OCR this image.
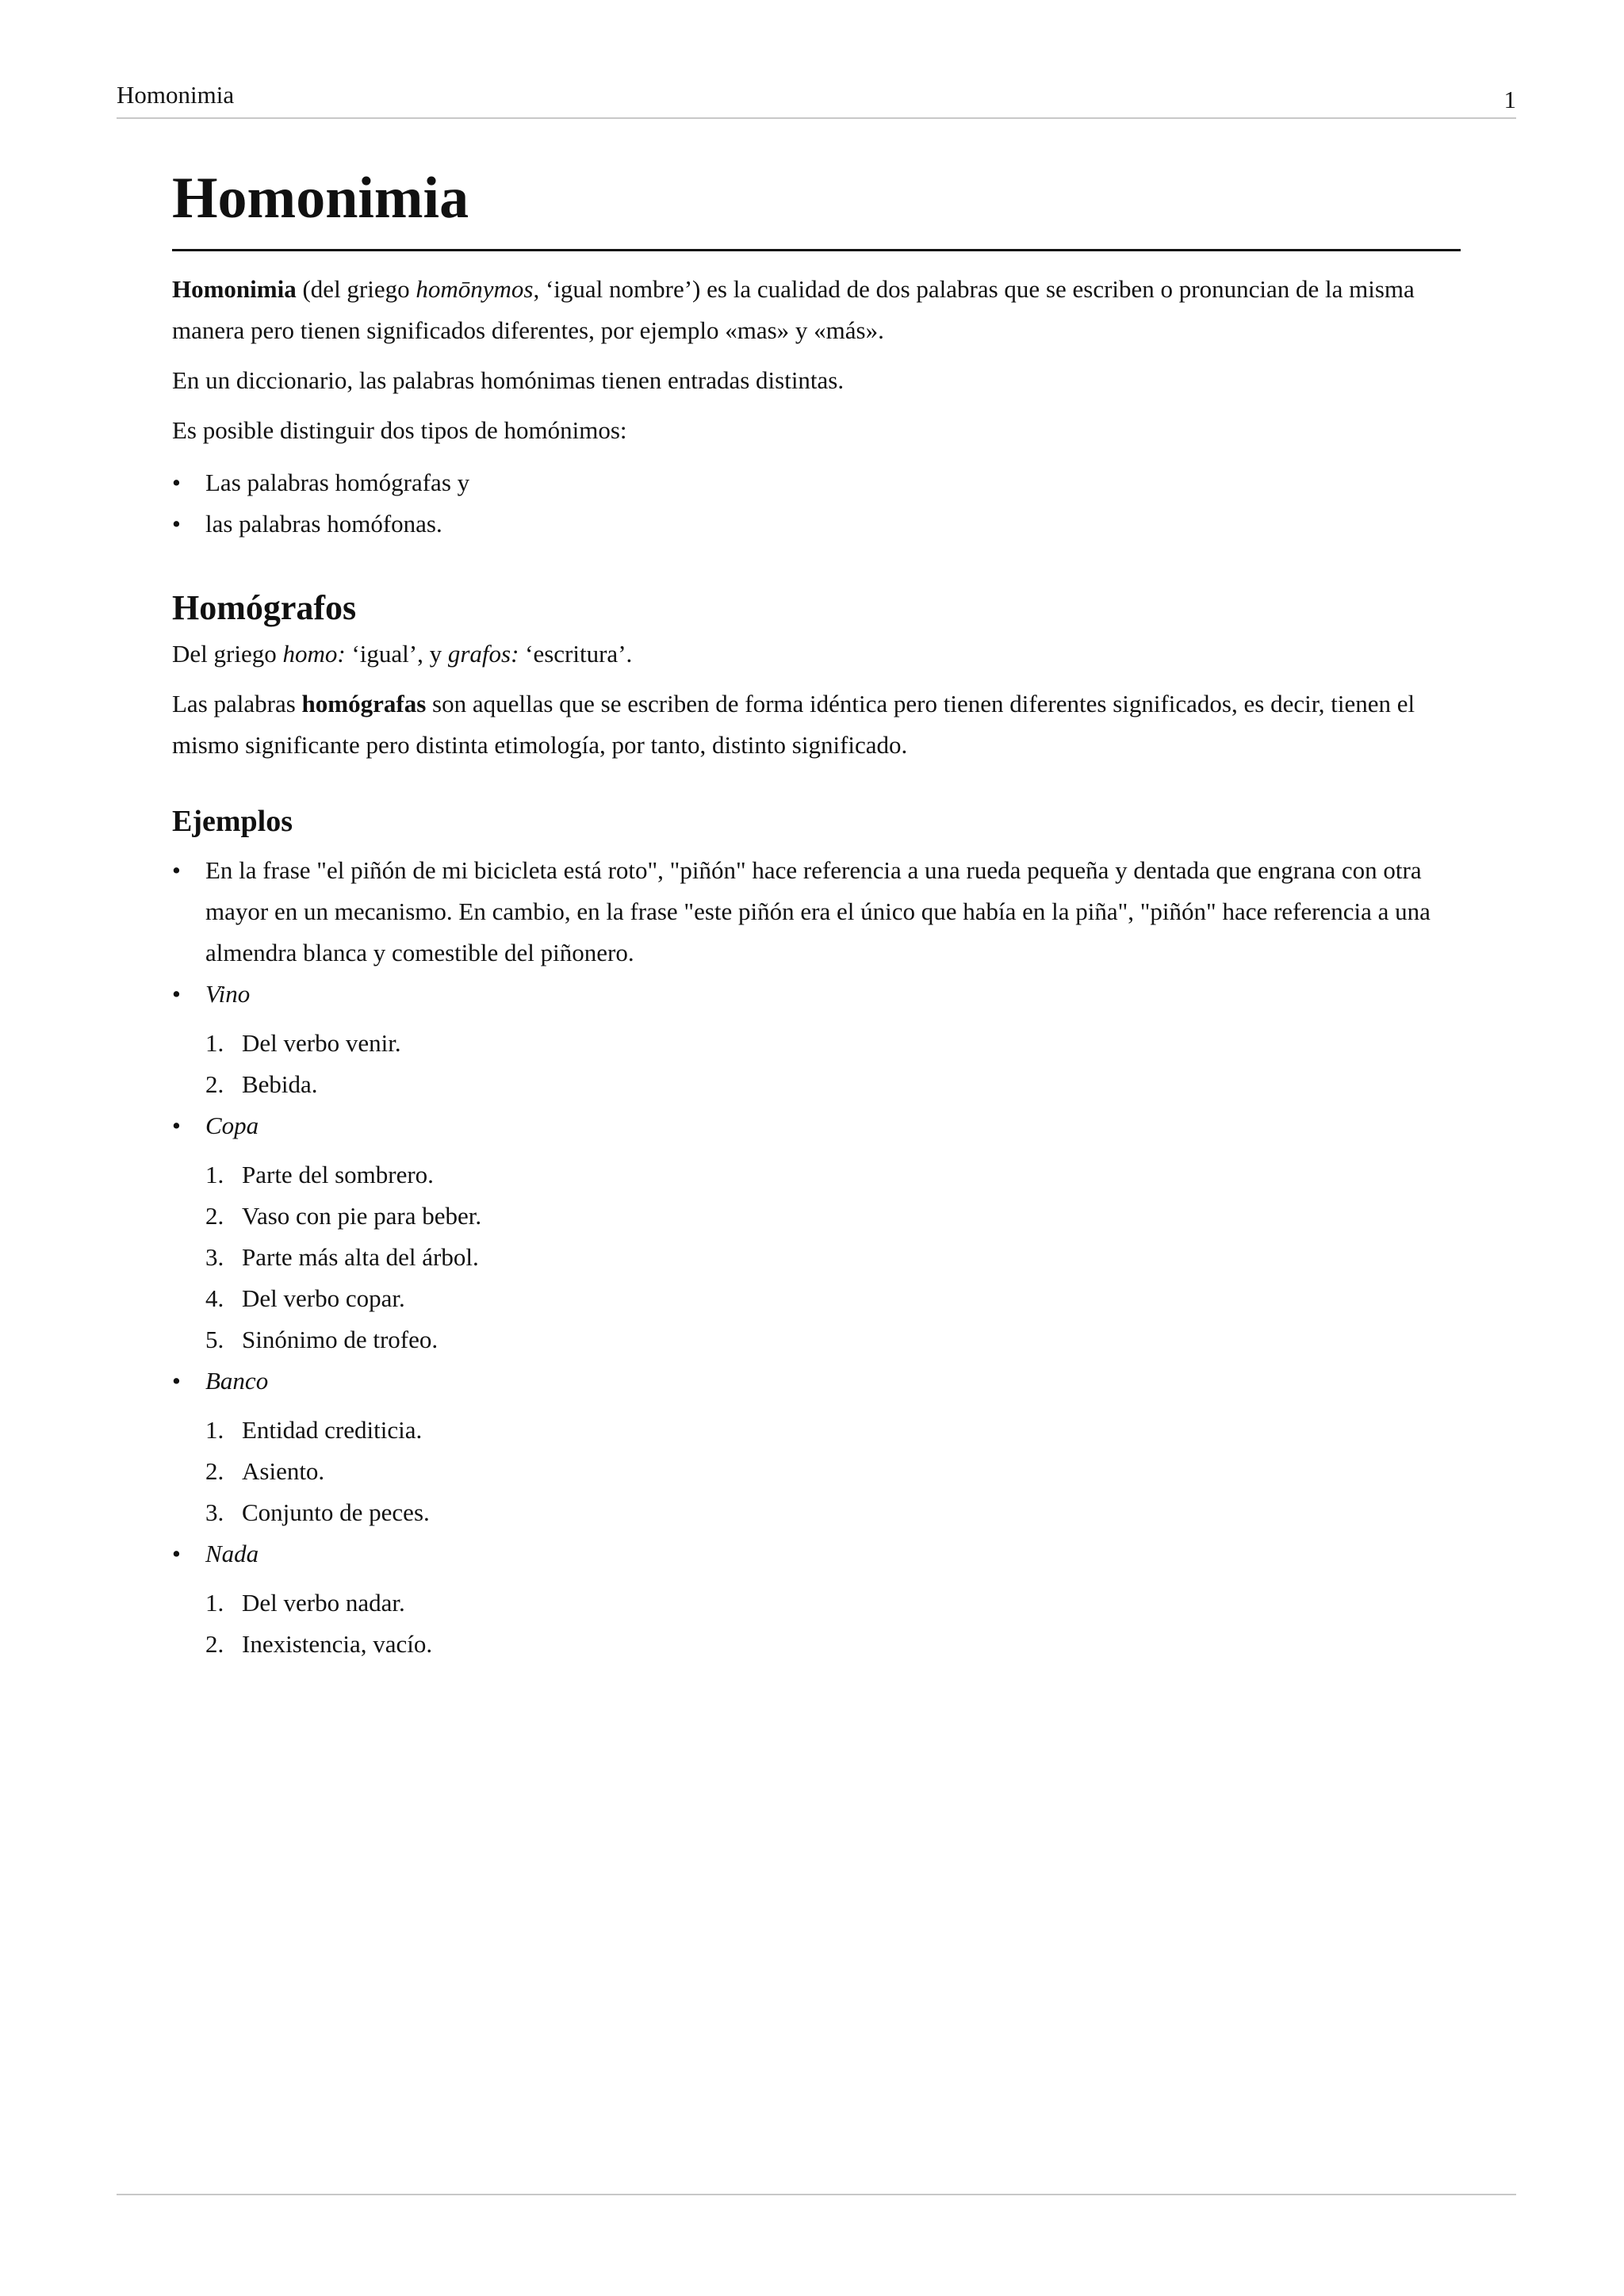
Homonimia	1
Homonimia

Homonimia (del griego homōnymos, ‘igual nombre’) es la cualidad de dos palabras que se escriben o pronuncian de la misma manera pero tienen significados diferentes, por ejemplo «mas» y «más».

En un diccionario, las palabras homónimas tienen entradas distintas.

Es posible distinguir dos tipos de homónimos:

• Las palabras homógrafas y
• las palabras homófonas.
Homógrafos

Del griego homo: ‘igual’, y grafos: ‘escritura’.

Las palabras homógrafas son aquellas que se escriben de forma idéntica pero tienen diferentes significados, es decir, tienen el mismo significante pero distinta etimología, por tanto, distinto significado.

Ejemplos
• En la frase "el piñón de mi bicicleta está roto", "piñón" hace referencia a una rueda pequeña y dentada que engrana con otra mayor en un mecanismo. En cambio, en la frase "este piñón era el único que había en la piña", "piñón" hace referencia a una almendra blanca y comestible del piñonero.
• Vino
1. Del verbo venir.
2. Bebida.
• Copa
1. Parte del sombrero.
2. Vaso con pie para beber.
3. Parte más alta del árbol.
4. Del verbo copar.
5. Sinónimo de trofeo.
• Banco
1. Entidad crediticia.
2. Asiento.
3. Conjunto de peces.
• Nada
1. Del verbo nadar.
2. Inexistencia, vacío.
